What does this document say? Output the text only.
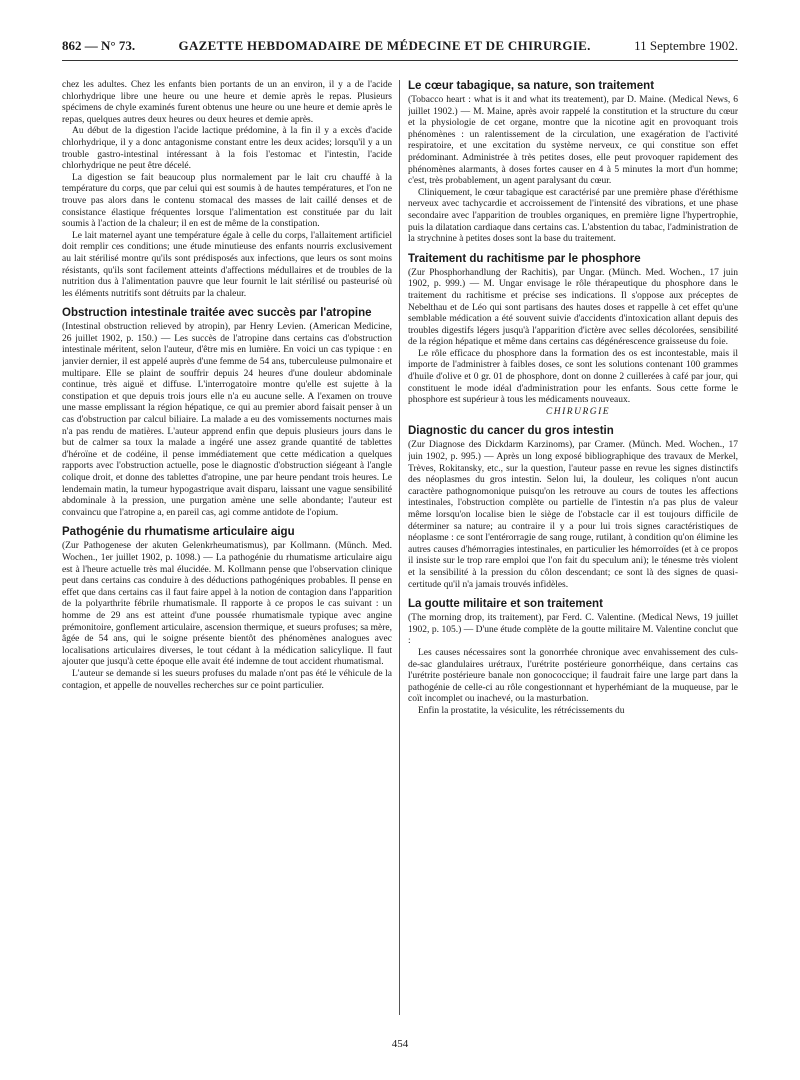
862 — N° 73.	GAZETTE HEBDOMADAIRE DE MÉDECINE ET DE CHIRURGIE.	11 Septembre 1902.

chez les adultes. Chez les enfants bien portants de un an environ, il y a de l'acide chlorhydrique libre une heure ou une heure et demie après le repas. Plusieurs spécimens de chyle examinés furent obtenus une heure ou une heure et demie après le repas, quelques autres deux heures ou deux heures et demie après.

Au début de la digestion l'acide lactique prédomine, à la fin il y a excès d'acide chlorhydrique, il y a donc antagonisme constant entre les deux acides; lorsqu'il y a un trouble gastro-intestinal intéressant à la fois l'estomac et l'intestin, l'acide chlorhydrique ne peut être décelé.

La digestion se fait beaucoup plus normalement par le lait cru chauffé à la température du corps, que par celui qui est soumis à de hautes températures, et l'on ne trouve pas alors dans le contenu stomacal des masses de lait caillé denses et de consistance élastique fréquentes lorsque l'alimentation est constituée par du lait soumis à l'action de la chaleur; il en est de même de la constipation.

Le lait maternel ayant une température égale à celle du corps, l'allaitement artificiel doit remplir ces conditions; une étude minutieuse des enfants nourris exclusivement au lait stérilisé montre qu'ils sont prédisposés aux infections, que leurs os sont moins résistants, qu'ils sont facilement atteints d'affections médullaires et de troubles de la nutrition dus à l'alimentation pauvre que leur fournit le lait stérilisé ou pasteurisé où les éléments nutritifs sont détruits par la chaleur.

Obstruction intestinale traitée avec succès par l'atropine

(Intestinal obstruction relieved by atropin), par Henry Levien. (American Medicine, 26 juillet 1902, p. 150.) — Les succès de l'atropine dans certains cas d'obstruction intestinale méritent, selon l'auteur, d'être mis en lumière. En voici un cas typique : en janvier dernier, il est appelé auprès d'une femme de 54 ans, tuberculeuse pulmonaire et multipare. Elle se plaint de souffrir depuis 24 heures d'une douleur abdominale continue, très aiguë et diffuse. L'interrogatoire montre qu'elle est sujette à la constipation et que depuis trois jours elle n'a eu aucune selle. A l'examen on trouve une masse emplissant la région hépatique, ce qui au premier abord faisait penser à un cas d'obstruction par calcul biliaire. La malade a eu des vomissements nocturnes mais n'a pas rendu de matières. L'auteur apprend enfin que depuis plusieurs jours dans le but de calmer sa toux la malade a ingéré une assez grande quantité de tablettes d'héroïne et de codéine, il pense immédiatement que cette médication a quelques rapports avec l'obstruction actuelle, pose le diagnostic d'obstruction siégeant à l'angle colique droit, et donne des tablettes d'atropine, une par heure pendant trois heures. Le lendemain matin, la tumeur hypogastrique avait disparu, laissant une vague sensibilité abdominale à la pression, une purgation amène une selle abondante; l'auteur est convaincu que l'atropine a, en pareil cas, agi comme antidote de l'opium.

Pathogénie du rhumatisme articulaire aigu

(Zur Pathogenese der akuten Gelenkrheumatismus), par Kollmann. (Münch. Med. Wochen., 1er juillet 1902, p. 1098.) — La pathogénie du rhumatisme articulaire aigu est à l'heure actuelle très mal élucidée. M. Kollmann pense que l'observation clinique peut dans certains cas conduire à des déductions pathogéniques probables. Il pense en effet que dans certains cas il faut faire appel à la notion de contagion dans l'apparition de la polyarthrite fébrile rhumatismale. Il rapporte à ce propos le cas suivant : un homme de 29 ans est atteint d'une poussée rhumatismale typique avec angine prémonitoire, gonflement articulaire, ascension thermique, et sueurs profuses; sa mère, âgée de 54 ans, qui le soigne présente bientôt des phénomènes analogues avec localisations articulaires diverses, le tout cédant à la médication salicylique. Il faut ajouter que jusqu'à cette époque elle avait été indemne de tout accident rhumatismal.

L'auteur se demande si les sueurs profuses du malade n'ont pas été le véhicule de la contagion, et appelle de nouvelles recherches sur ce point particulier.

Le cœur tabagique, sa nature, son traitement

(Tobacco heart : what is it and what its treatement), par D. Maine. (Medical News, 6 juillet 1902.) — M. Maine, après avoir rappelé la constitution et la structure du cœur et la physiologie de cet organe, montre que la nicotine agit en provoquant trois phénomènes : un ralentissement de la circulation, une exagération de l'activité respiratoire, et une excitation du système nerveux, ce qui constitue son effet prédominant. Administrée à très petites doses, elle peut provoquer rapidement des phénomènes alarmants, à doses fortes causer en 4 à 5 minutes la mort d'un homme; c'est, très probablement, un agent paralysant du cœur.

Cliniquement, le cœur tabagique est caractérisé par une première phase d'éréthisme nerveux avec tachycardie et accroissement de l'intensité des vibrations, et une phase secondaire avec l'apparition de troubles organiques, en première ligne l'hypertrophie, puis la dilatation cardiaque dans certains cas. L'abstention du tabac, l'administration de la strychnine à petites doses sont la base du traitement.

Traitement du rachitisme par le phosphore

(Zur Phosphorhandlung der Rachitis), par Ungar. (Münch. Med. Wochen., 17 juin 1902, p. 999.) — M. Ungar envisage le rôle thérapeutique du phosphore dans le traitement du rachitisme et précise ses indications. Il s'oppose aux préceptes de Nebelthau et de Léo qui sont partisans des hautes doses et rappelle à cet effet qu'une semblable médication a été souvent suivie d'accidents d'intoxication allant depuis des troubles digestifs légers jusqu'à l'apparition d'ictère avec selles décolorées, sensibilité de la région hépatique et même dans certains cas dégénérescence graisseuse du foie.

Le rôle efficace du phosphore dans la formation des os est incontestable, mais il importe de l'administrer à faibles doses, ce sont les solutions contenant 100 grammes d'huile d'olive et 0 gr. 01 de phosphore, dont on donne 2 cuillerées à café par jour, qui constituent le mode idéal d'administration pour les enfants. Sous cette forme le phosphore est supérieur à tous les médicaments nouveaux.

CHIRURGIE

Diagnostic du cancer du gros intestin

(Zur Diagnose des Dickdarm Karzinoms), par Cramer. (Münch. Med. Wochen., 17 juin 1902, p. 995.) — Après un long exposé bibliographique des travaux de Merkel, Trèves, Rokitansky, etc., sur la question, l'auteur passe en revue les signes distinctifs des néoplasmes du gros intestin. Selon lui, la douleur, les coliques n'ont aucun caractère pathognomonique puisqu'on les retrouve au cours de toutes les affections intestinales, l'obstruction complète ou partielle de l'intestin n'a pas plus de valeur même lorsqu'on localise bien le siège de l'obstacle car il est toujours difficile de déterminer sa nature; au contraire il y a pour lui trois signes caractéristiques de néoplasme : ce sont l'entérorragie de sang rouge, rutilant, à condition qu'on élimine les autres causes d'hémorragies intestinales, en particulier les hémorroïdes (et à ce propos il insiste sur le trop rare emploi que l'on fait du speculum ani); le ténesme très violent et la sensibilité à la pression du côlon descendant; ce sont là des signes de quasi-certitude qu'il n'a jamais trouvés infidèles.

La goutte militaire et son traitement

(The morning drop, its traitement), par Ferd. C. Valentine. (Medical News, 19 juillet 1902, p. 105.) — D'une étude complète de la goutte militaire M. Valentine conclut que :

Les causes nécessaires sont la gonorrhée chronique avec envahissement des culs-de-sac glandulaires urétraux, l'urétrite postérieure gonorrhéique, dans certains cas l'urétrite postérieure banale non gonococcique; il faudrait faire une large part dans la pathogénie de celle-ci au rôle congestionnant et hyperhémiant de la muqueuse, par le coït incomplet ou inachevé, ou la masturbation.

Enfin la prostatite, la vésiculite, les rétrécissements du

454
